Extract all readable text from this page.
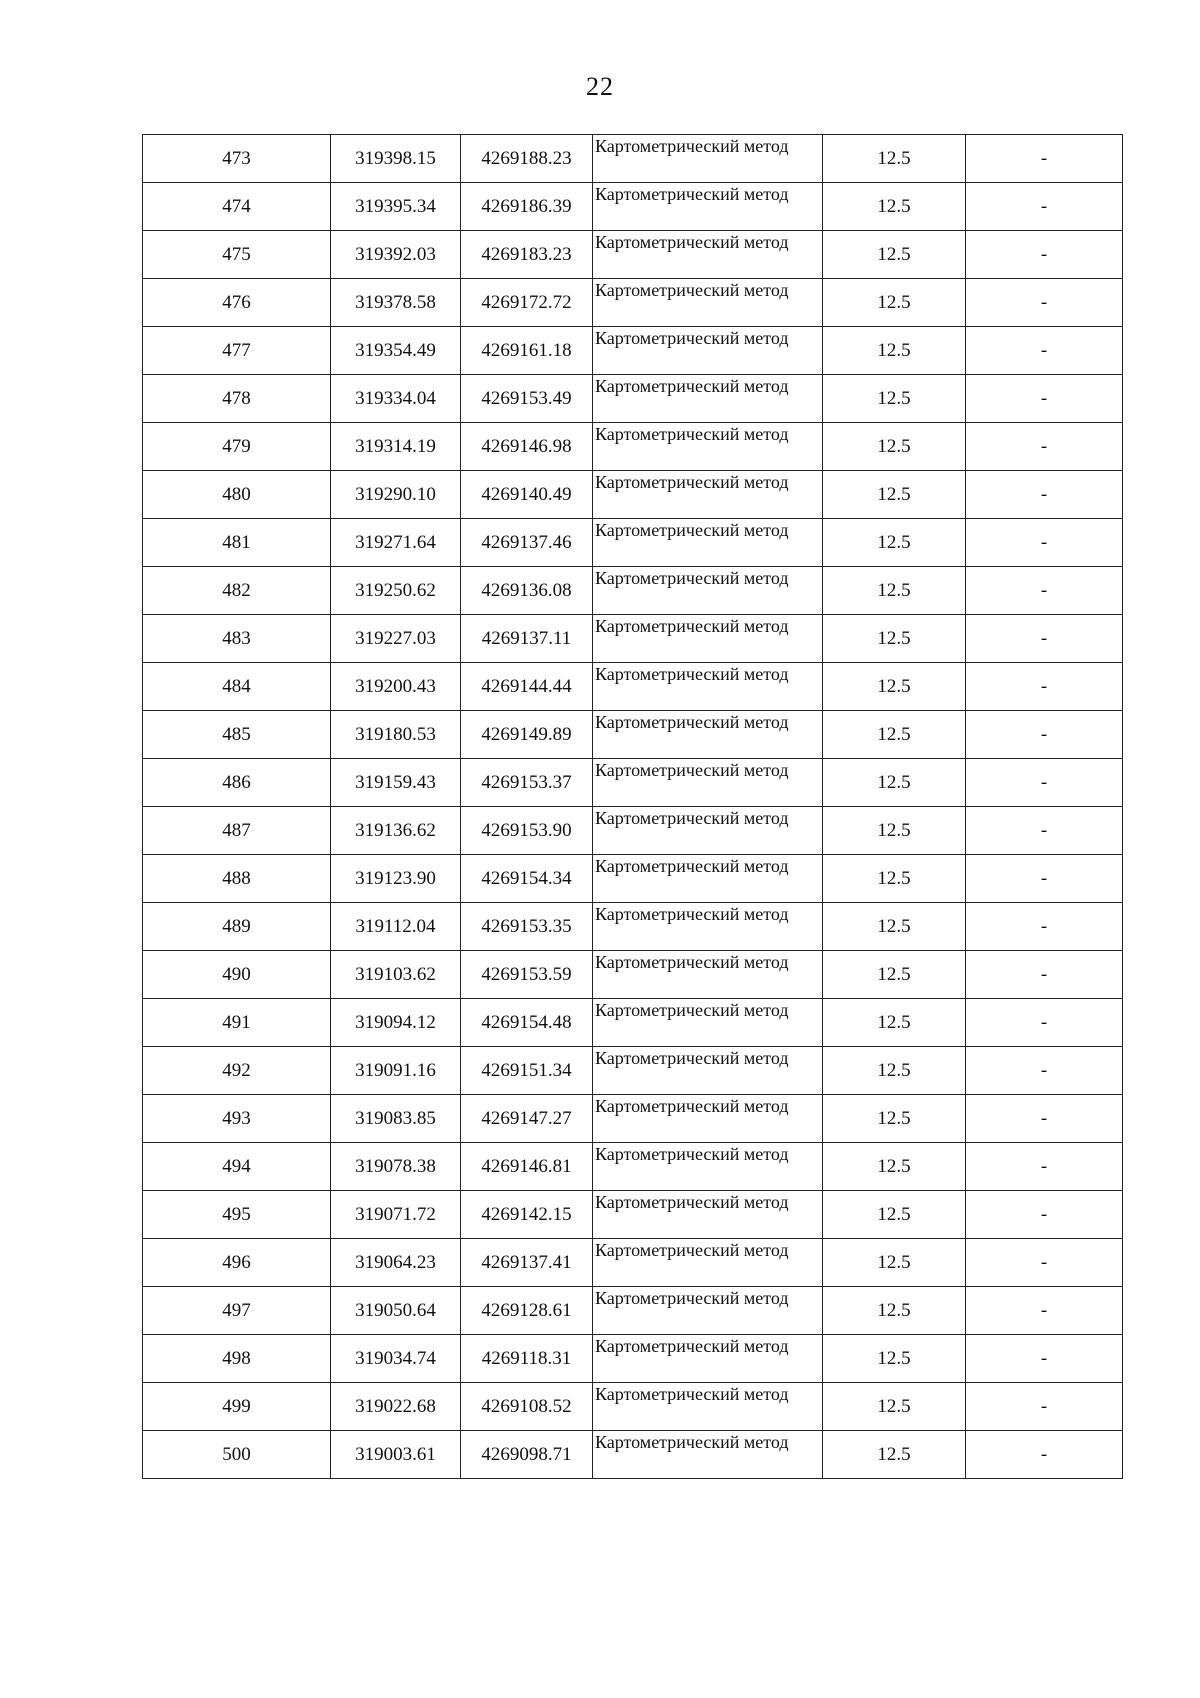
22
473	319398.15	4269188.23	Картометрический метод	12.5	-
474	319395.34	4269186.39	Картометрический метод	12.5	-
475	319392.03	4269183.23	Картометрический метод	12.5	-
476	319378.58	4269172.72	Картометрический метод	12.5	-
477	319354.49	4269161.18	Картометрический метод	12.5	-
478	319334.04	4269153.49	Картометрический метод	12.5	-
479	319314.19	4269146.98	Картометрический метод	12.5	-
480	319290.10	4269140.49	Картометрический метод	12.5	-
481	319271.64	4269137.46	Картометрический метод	12.5	-
482	319250.62	4269136.08	Картометрический метод	12.5	-
483	319227.03	4269137.11	Картометрический метод	12.5	-
484	319200.43	4269144.44	Картометрический метод	12.5	-
485	319180.53	4269149.89	Картометрический метод	12.5	-
486	319159.43	4269153.37	Картометрический метод	12.5	-
487	319136.62	4269153.90	Картометрический метод	12.5	-
488	319123.90	4269154.34	Картометрический метод	12.5	-
489	319112.04	4269153.35	Картометрический метод	12.5	-
490	319103.62	4269153.59	Картометрический метод	12.5	-
491	319094.12	4269154.48	Картометрический метод	12.5	-
492	319091.16	4269151.34	Картометрический метод	12.5	-
493	319083.85	4269147.27	Картометрический метод	12.5	-
494	319078.38	4269146.81	Картометрический метод	12.5	-
495	319071.72	4269142.15	Картометрический метод	12.5	-
496	319064.23	4269137.41	Картометрический метод	12.5	-
497	319050.64	4269128.61	Картометрический метод	12.5	-
498	319034.74	4269118.31	Картометрический метод	12.5	-
499	319022.68	4269108.52	Картометрический метод	12.5	-
500	319003.61	4269098.71	Картометрический метод	12.5	-
